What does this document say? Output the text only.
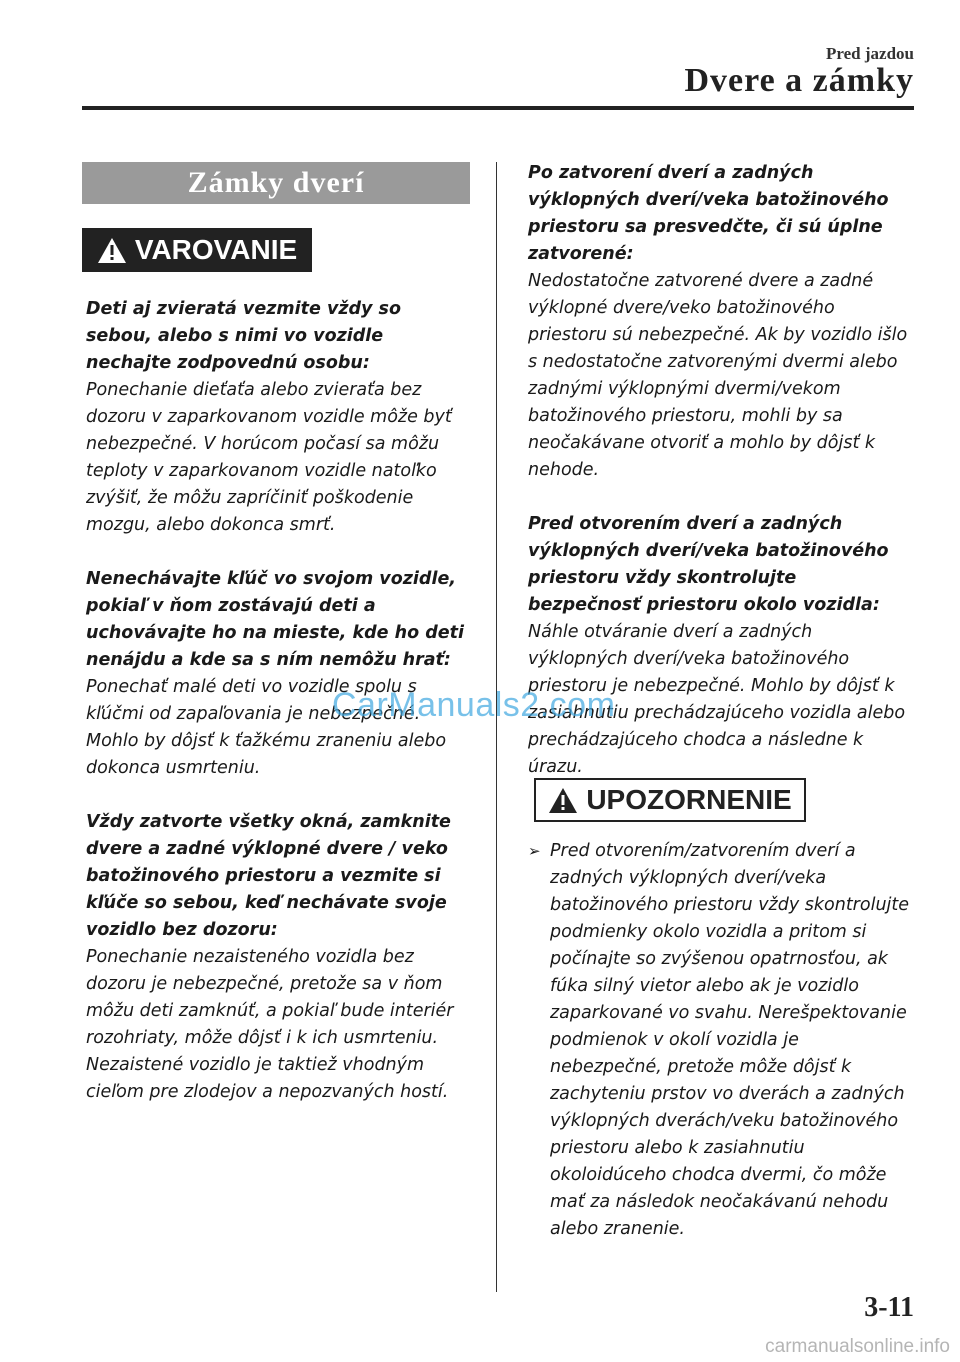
Pred jazdou
Dvere a zámky
Zámky dverí
VAROVANIE
Deti aj zvieratá vezmite vždy so sebou, alebo s nimi vo vozidle nechajte zodpovednú osobu:
Ponechanie dieťaťa alebo zvieraťa bez dozoru v zaparkovanom vozidle môže byť nebezpečné. V horúcom počasí sa môžu teploty v zaparkovanom vozidle natoľko zvýšiť, že môžu zapríčiniť poškodenie mozgu, alebo dokonca smrť.
Nenechávajte kľúč vo svojom vozidle, pokiaľ v ňom zostávajú deti a uchovávajte ho na mieste, kde ho deti nenájdu a kde sa s ním nemôžu hrať:
Ponechať malé deti vo vozidle spolu s kľúčmi od zapaľovania je nebezpečné. Mohlo by dôjsť k ťažkému zraneniu alebo dokonca usmrteniu.
Vždy zatvorte všetky okná, zamknite dvere a zadné výklopné dvere / veko batožinového priestoru a vezmite si kľúče so sebou, keď nechávate svoje vozidlo bez dozoru:
Ponechanie nezaisteného vozidla bez dozoru je nebezpečné, pretože sa v ňom môžu deti zamknúť, a pokiaľ bude interiér rozohriaty, môže dôjsť i k ich usmrteniu. Nezaistené vozidlo je taktiež vhodným cieľom pre zlodejov a nepozvaných hostí.
Po zatvorení dverí a zadných výklopných dverí/veka batožinového priestoru sa presvedčte, či sú úplne zatvorené:
Nedostatočne zatvorené dvere a zadné výklopné dvere/veko batožinového priestoru sú nebezpečné. Ak by vozidlo išlo s nedostatočne zatvorenými dvermi alebo zadnými výklopnými dvermi/vekom batožinového priestoru, mohli by sa neočakávane otvoriť a mohlo by dôjsť k nehode.
Pred otvorením dverí a zadných výklopných dverí/veka batožinového priestoru vždy skontrolujte bezpečnosť priestoru okolo vozidla:
Náhle otváranie dverí a zadných výklopných dverí/veka batožinového priestoru je nebezpečné. Mohlo by dôjsť k zasiahnutiu prechádzajúceho vozidla alebo prechádzajúceho chodca a následne k úrazu.
UPOZORNENIE
➢ Pred otvorením/zatvorením dverí a zadných výklopných dverí/veka batožinového priestoru vždy skontrolujte podmienky okolo vozidla a pritom si počínajte so zvýšenou opatrnosťou, ak fúka silný vietor alebo ak je vozidlo zaparkované vo svahu. Nerešpektovanie podmienok v okolí vozidla je nebezpečné, pretože môže dôjsť k zachyteniu prstov vo dverách a zadných výklopných dverách/veku batožinového priestoru alebo k zasiahnutiu okoloidúceho chodca dvermi, čo môže mať za následok neočakávanú nehodu alebo zranenie.
CarManuals2.com
3-11
carmanualsonline.info
